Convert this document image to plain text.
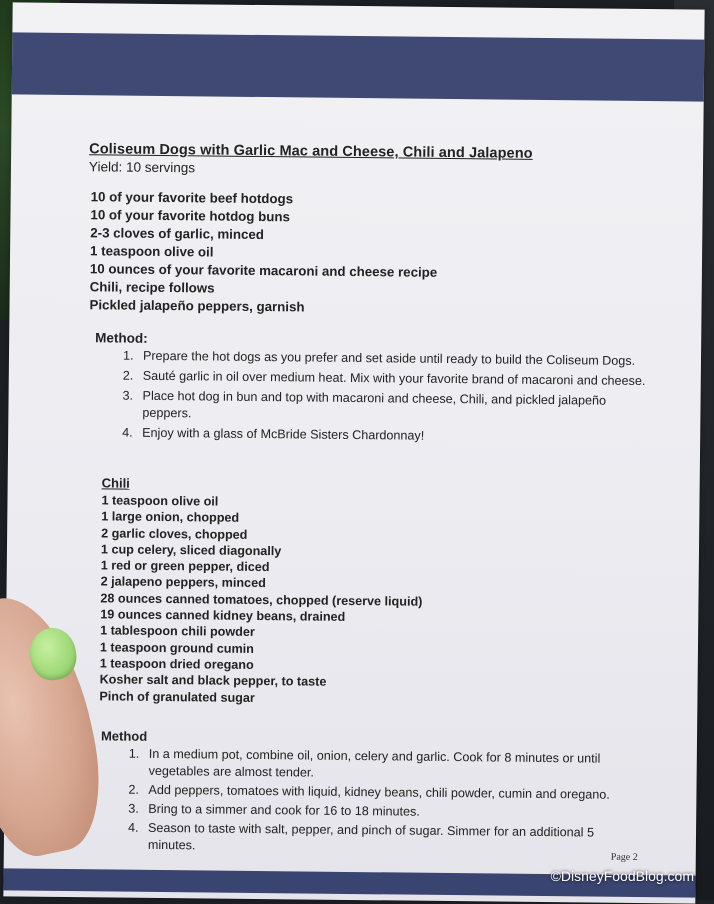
Coliseum Dogs with Garlic Mac and Cheese, Chili and Jalapeno

Yield: 10 servings

10 of your favorite beef hotdogs
10 of your favorite hotdog buns
2-3 cloves of garlic, minced
1 teaspoon olive oil
10 ounces of your favorite macaroni and cheese recipe
Chili, recipe follows
Pickled jalapeño peppers, garnish

Method:

1. Prepare the hot dogs as you prefer and set aside until ready to build the Coliseum Dogs.
2. Sauté garlic in oil over medium heat. Mix with your favorite brand of macaroni and cheese.
3. Place hot dog in bun and top with macaroni and cheese, Chili, and pickled jalapeño peppers.
4. Enjoy with a glass of McBride Sisters Chardonnay!

Chili

1 teaspoon olive oil
1 large onion, chopped
2 garlic cloves, chopped
1 cup celery, sliced diagonally
1 red or green pepper, diced
2 jalapeno peppers, minced
28 ounces canned tomatoes, chopped (reserve liquid)
19 ounces canned kidney beans, drained
1 tablespoon chili powder
1 teaspoon ground cumin
1 teaspoon dried oregano
Kosher salt and black pepper, to taste
Pinch of granulated sugar

Method

1. In a medium pot, combine oil, onion, celery and garlic. Cook for 8 minutes or until vegetables are almost tender.
2. Add peppers, tomatoes with liquid, kidney beans, chili powder, cumin and oregano.
3. Bring to a simmer and cook for 16 to 18 minutes.
4. Season to taste with salt, pepper, and pinch of sugar. Simmer for an additional 5 minutes.
Page 2
©DisneyFoodBlog.com
